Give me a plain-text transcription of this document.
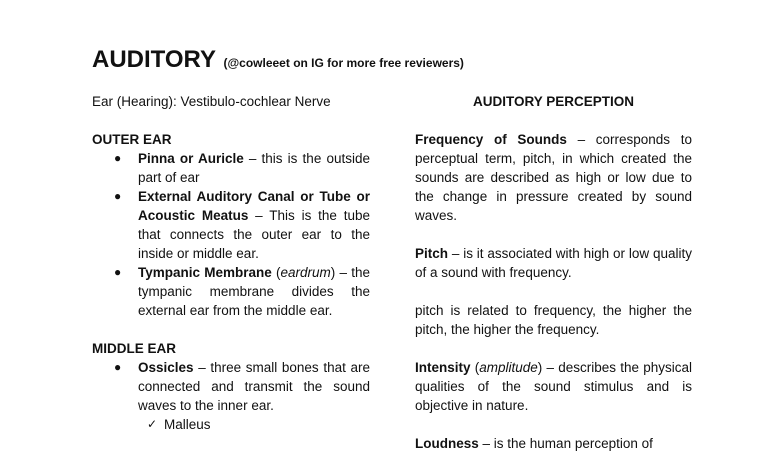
AUDITORY (@cowleeet on IG for more free reviewers)

Ear (Hearing): Vestibulo-cochlear Nerve

OUTER EAR

● Pinna or Auricle – this is the outside part of ear
● External Auditory Canal or Tube or Acoustic Meatus – This is the tube that connects the outer ear to the inside or middle ear.
● Tympanic Membrane (eardrum) – the tympanic membrane divides the external ear from the middle ear.

MIDDLE EAR

● Ossicles – three small bones that are connected and transmit the sound waves to the inner ear.
✓ Malleus

AUDITORY PERCEPTION

Frequency of Sounds – corresponds to perceptual term, pitch, in which created the sounds are described as high or low due to the change in pressure created by sound waves.

Pitch – is it associated with high or low quality of a sound with frequency.

pitch is related to frequency, the higher the pitch, the higher the frequency.

Intensity (amplitude) – describes the physical qualities of the sound stimulus and is objective in nature.

Loudness – is the human perception of
